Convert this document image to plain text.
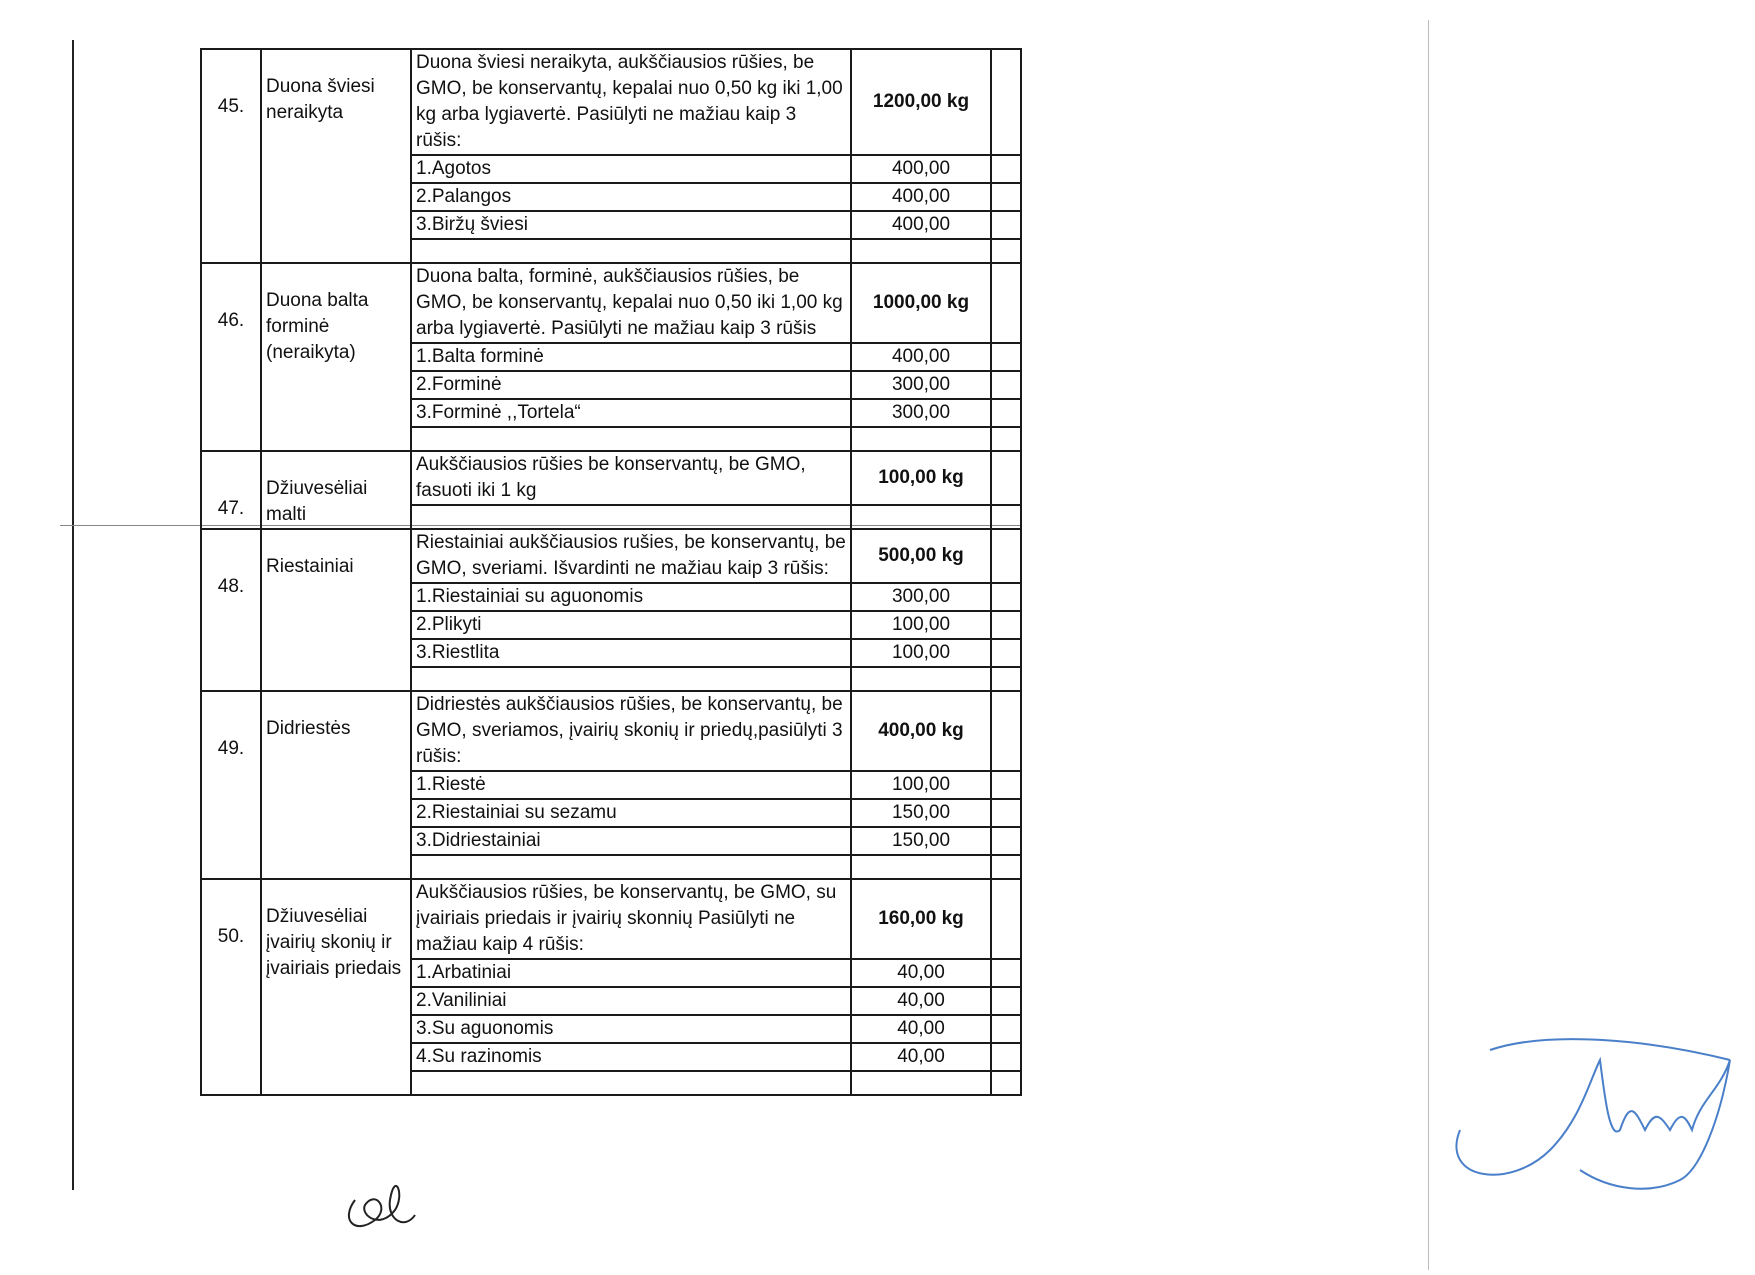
45.	Duona šviesi neraikyta	Duona šviesi neraikyta, aukščiausios rūšies, be GMO, be konservantų, kepalai nuo 0,50 kg iki 1,00 kg arba lygiavertė. Pasiūlyti ne mažiau kaip 3 rūšis:	1200,00 kg	
		1.Agotos	400,00	
		2.Palangos	400,00	
		3.Biržų šviesi	400,00	

46.	Duona balta forminė (neraikyta)	Duona balta, forminė, aukščiausios rūšies, be GMO, be konservantų, kepalai nuo 0,50 iki 1,00 kg arba lygiavertė. Pasiūlyti ne mažiau kaip 3 rūšis	1000,00 kg	
		1.Balta forminė	400,00	
		2.Forminė	300,00	
		3.Forminė ,,Tortela“	300,00	

47.	Džiuvesėliai malti	Aukščiausios rūšies be konservantų, be GMO, fasuoti iki 1 kg	100,00 kg	

48.	Riestainiai	Riestainiai aukščiausios rušies, be konservantų, be GMO, sveriami. Išvardinti ne mažiau kaip 3 rūšis:	500,00 kg	
		1.Riestainiai su aguonomis	300,00	
		2.Plikyti	100,00	
		3.Riestlita	100,00	

49.	Didriestės	Didriestės aukščiausios rūšies, be konservantų, be GMO, sveriamos, įvairių skonių ir priedų,pasiūlyti 3 rūšis:	400,00 kg	
		1.Riestė	100,00	
		2.Riestainiai su sezamu	150,00	
		3.Didriestainiai	150,00	

50.	Džiuvesėliai įvairių skonių ir įvairiais priedais	Aukščiausios rūšies, be konservantų, be GMO, su įvairiais priedais ir įvairių skonnių Pasiūlyti ne mažiau kaip 4 rūšis:	160,00 kg	
		1.Arbatiniai	40,00	
		2.Vaniliniai	40,00	
		3.Su aguonomis	40,00	
		4.Su razinomis	40,00	
